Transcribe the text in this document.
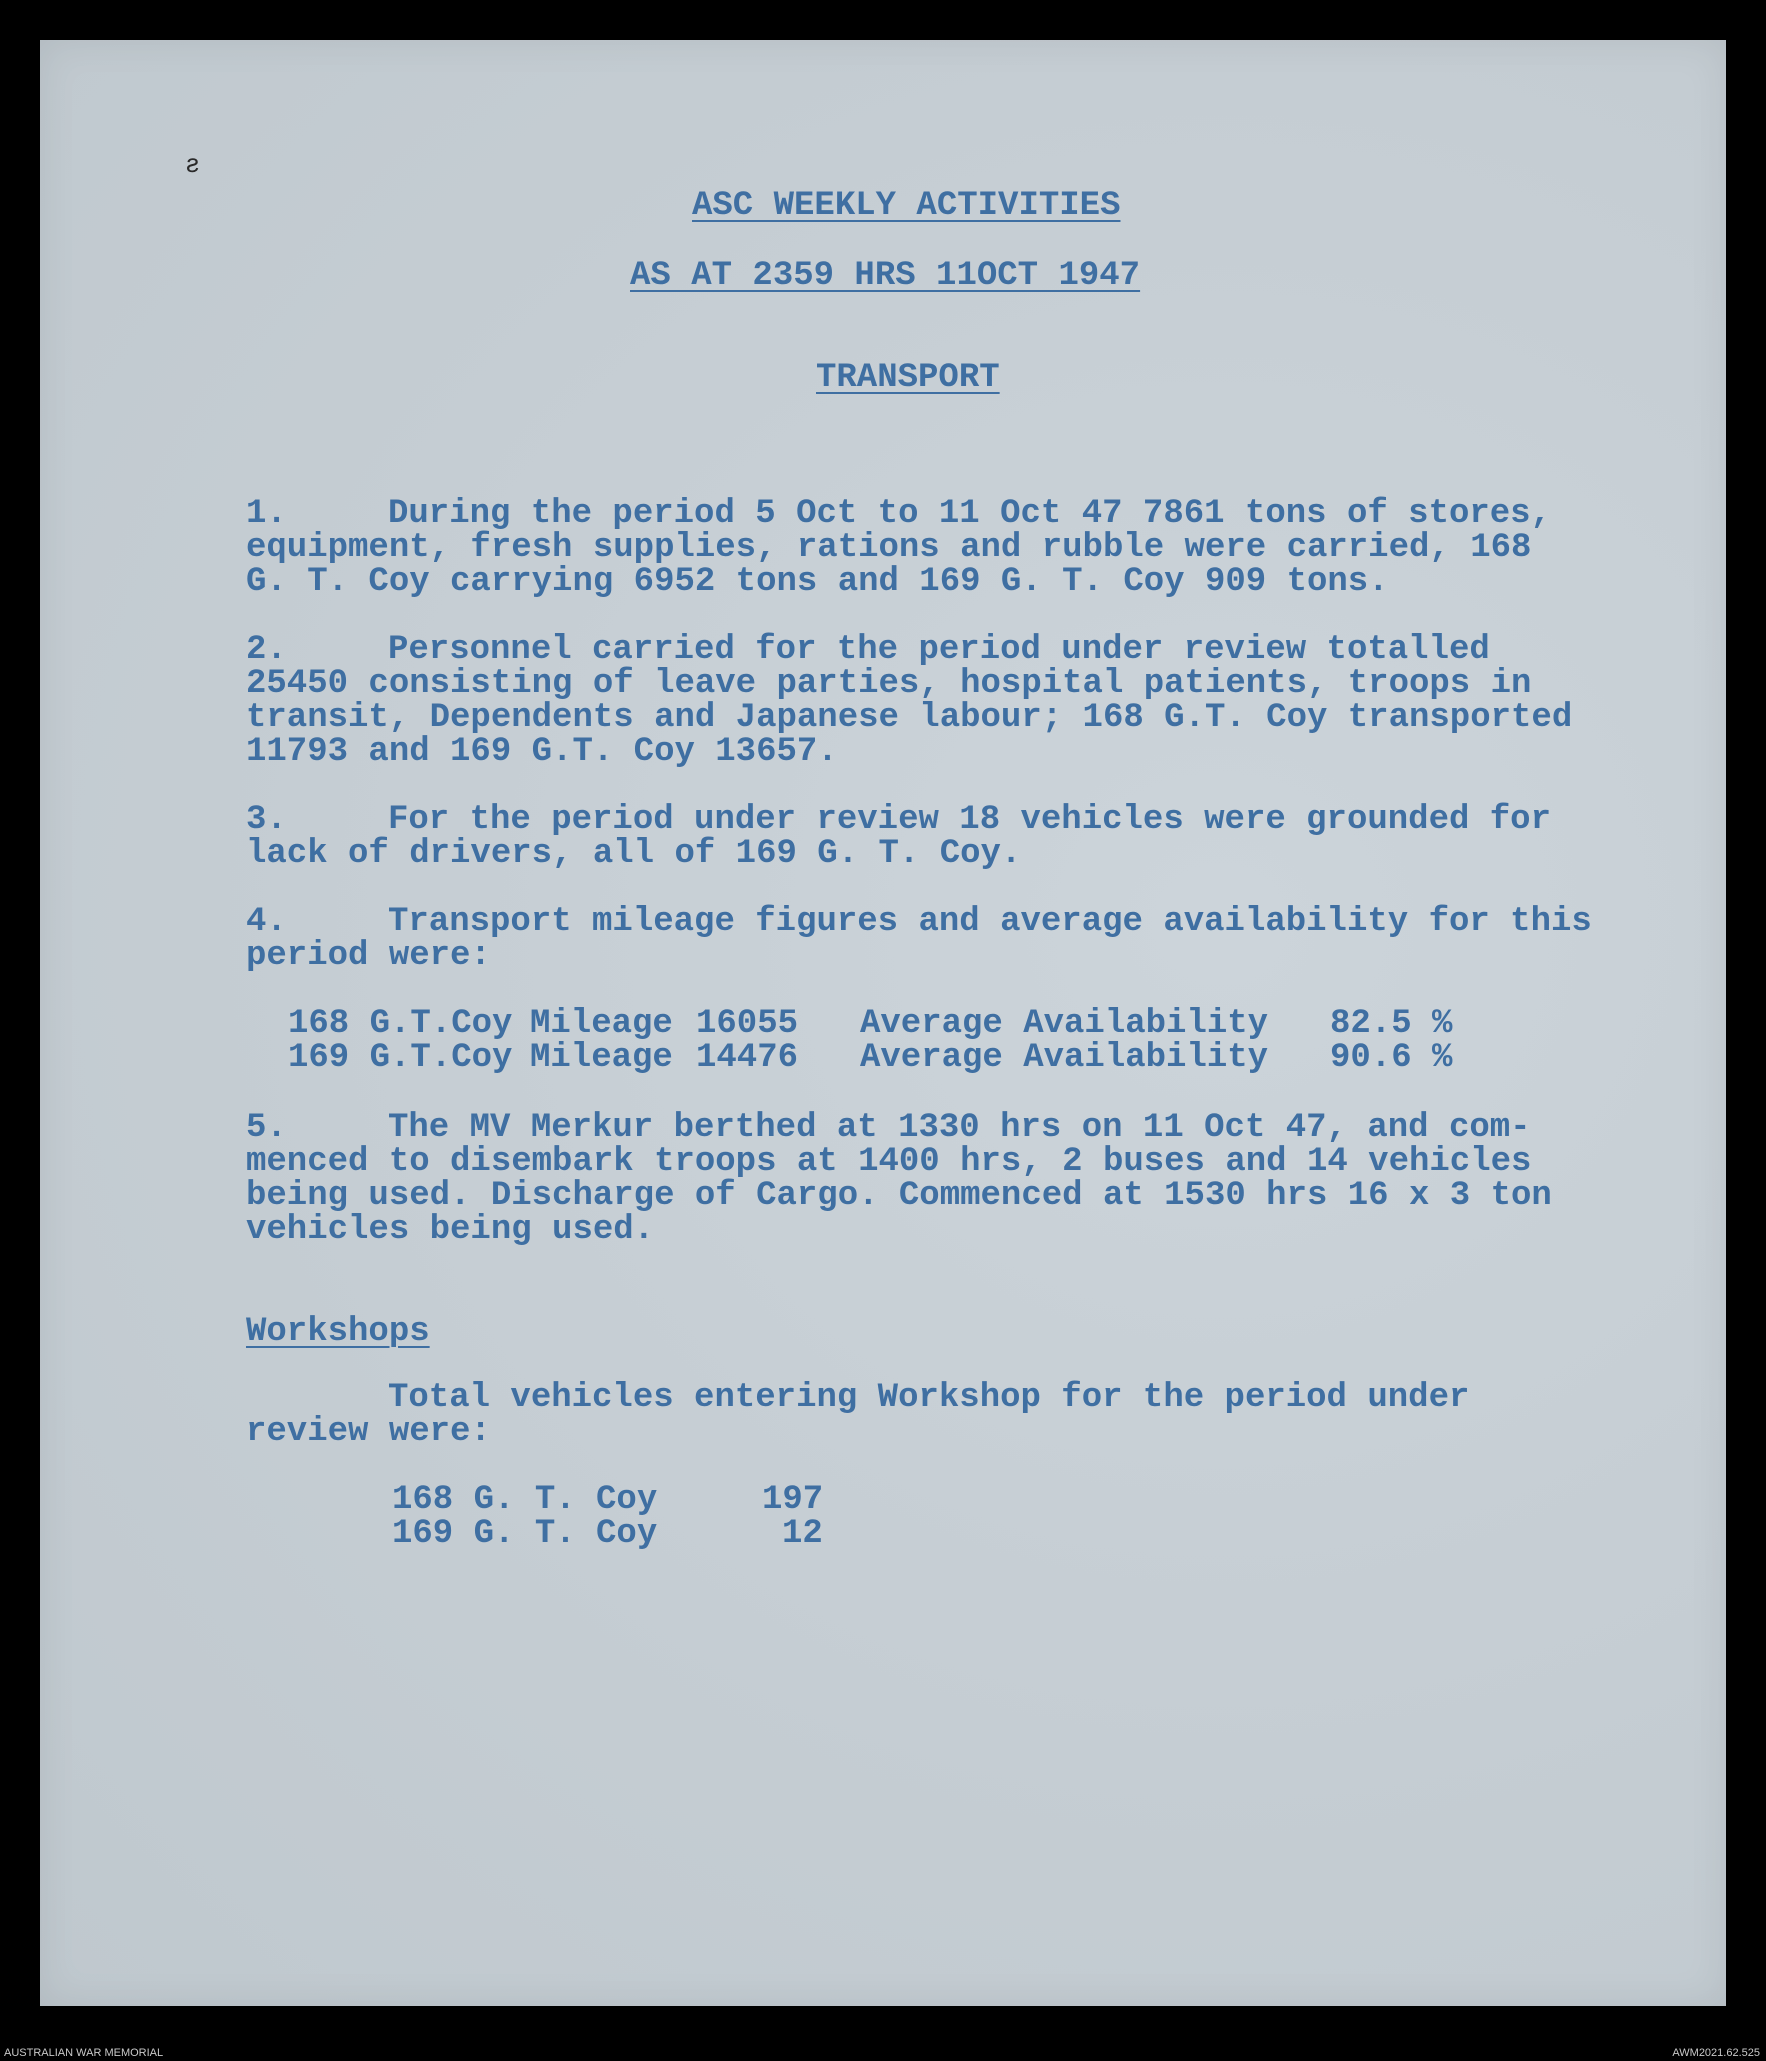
ƨ
ASC WEEKLY ACTIVITIES
AS AT 2359 HRS 11OCT 1947
TRANSPORT
1.	During the period 5 Oct to 11 Oct 47 7861 tons of stores,
equipment, fresh supplies, rations and rubble were carried, 168
G. T. Coy carrying 6952 tons and 169 G. T. Coy 909 tons.
2.	Personnel carried for the period under review totalled
25450 consisting of leave parties, hospital patients, troops in
transit, Dependents and Japanese labour; 168 G.T. Coy transported
11793 and 169 G.T. Coy 13657.
3.	For the period under review 18 vehicles were grounded for
lack of drivers, all of 169 G. T. Coy.
4.	Transport mileage figures and average availability for this
period were:
168 G.T.Coy Mileage 16055 Average Availability 82.5 %
169 G.T.Coy Mileage 14476 Average Availability 90.6 %
5.	The MV Merkur berthed at 1330 hrs on 11 Oct 47, and com-
menced to disembark troops at 1400 hrs, 2 buses and 14 vehicles
being used. Discharge of Cargo. Commenced at 1530 hrs 16 x 3 ton
vehicles being used.
Workshops
Total vehicles entering Workshop for the period under
review were:
168 G. T. Coy	197
169 G. T. Coy	12
AUSTRALIAN WAR MEMORIAL	AWM2021.62.525
